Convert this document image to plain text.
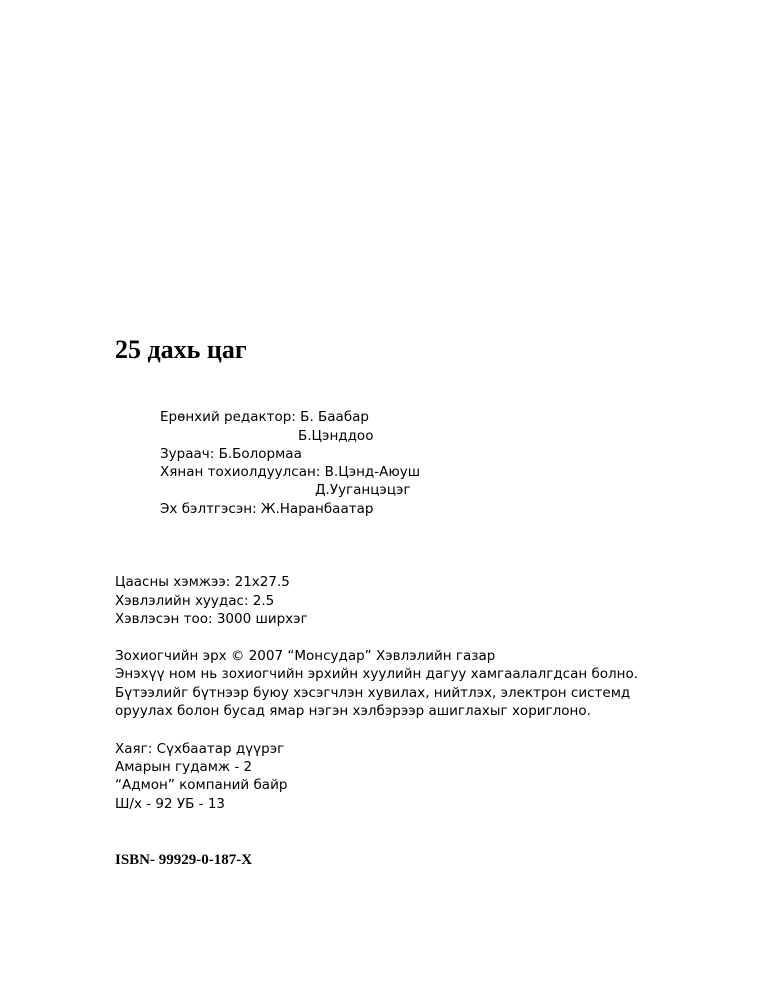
25 дахь цаг
Ерөнхий редактор: Б. Баабар
Б.Цэнддоо
Зураач: Б.Болормаа
Хянан тохиолдуулсан: В.Цэнд-Аюуш
Д.Ууганцэцэг
Эх бэлтгэсэн: Ж.Наранбаатар
Цаасны хэмжээ: 21х27.5
Хэвлэлийн хуудас: 2.5
Хэвлэсэн тоо: 3000 ширхэг
Зохиогчийн эрх © 2007 “Монсудар” Хэвлэлийн газар
Энэхүү ном нь зохиогчийн эрхийн хуулийн дагуу хамгаалалгдсан болно.
Бүтээлийг бүтнээр буюу хэсэгчлэн хувилах, нийтлэх, электрон системд
оруулах болон бусад ямар нэгэн хэлбэрээр ашиглахыг хориглоно.
Хаяг: Сүхбаатар дүүрэг
Амарын гудамж - 2
“Адмон” компаний байр
Ш/х - 92 УБ - 13
ISBN- 99929-0-187-X
